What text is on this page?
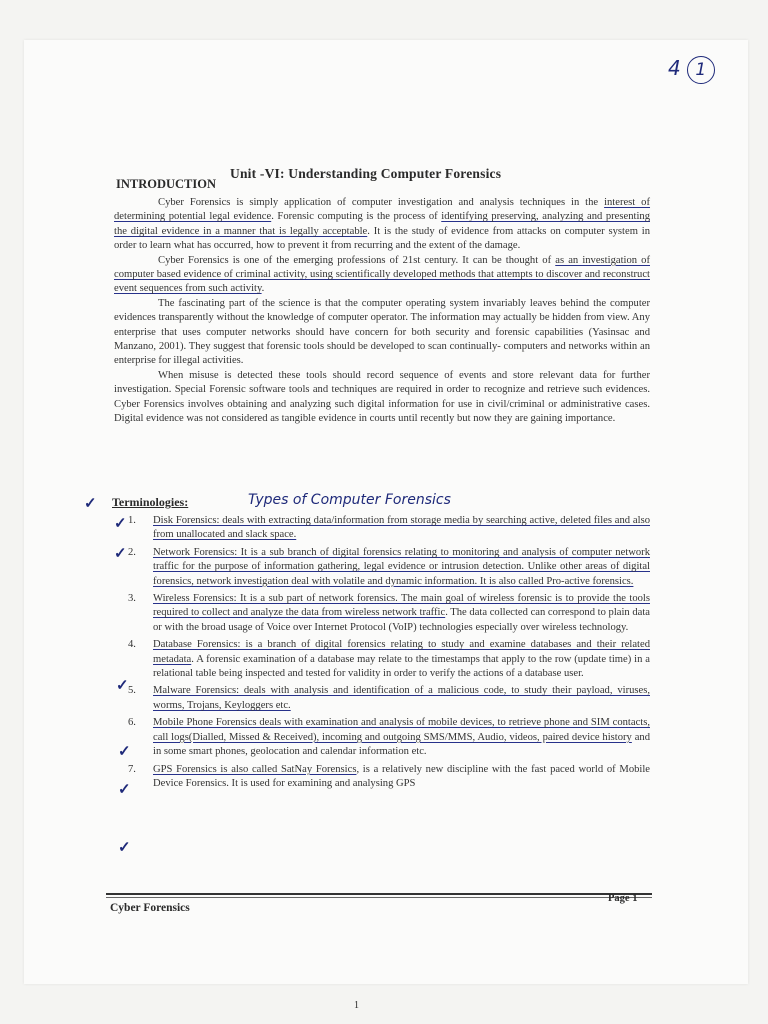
4 1
Unit -VI: Understanding Computer Forensics
INTRODUCTION

Cyber Forensics is simply application of computer investigation and analysis techniques in the interest of determining potential legal evidence. Forensic computing is the process of identifying preserving, analyzing and presenting the digital evidence in a manner that is legally acceptable. It is the study of evidence from attacks on computer system in order to learn what has occurred, how to prevent it from recurring and the extent of the damage.

Cyber Forensics is one of the emerging professions of 21st century. It can be thought of as an investigation of computer based evidence of criminal activity, using scientifically developed methods that attempts to discover and reconstruct event sequences from such activity.

The fascinating part of the science is that the computer operating system invariably leaves behind the computer evidences transparently without the knowledge of computer operator. The information may actually be hidden from view. Any enterprise that uses computer networks should have concern for both security and forensic capabilities (Yasinsac and Manzano, 2001). They suggest that forensic tools should be developed to scan continually- computers and networks within an enterprise for illegal activities.

When misuse is detected these tools should record sequence of events and store relevant data for further investigation. Special Forensic software tools and techniques are required in order to recognize and retrieve such evidences. Cyber Forensics involves obtaining and analyzing such digital information for use in civil/criminal or administrative cases. Digital evidence was not considered as tangible evidence in courts until recently but now they are gaining importance.

✓ Terminologies:	Types of Computer Forensics
✓
✓
✓
✓
✓
✓
1. Disk Forensics: deals with extracting data/information from storage media by searching active, deleted files and also from unallocated and slack space.
2. Network Forensics: It is a sub branch of digital forensics relating to monitoring and analysis of computer network traffic for the purpose of information gathering, legal evidence or intrusion detection. Unlike other areas of digital forensics, network investigation deal with volatile and dynamic information. It is also called Pro-active forensics.
3. Wireless Forensics: It is a sub part of network forensics. The main goal of wireless forensic is to provide the tools required to collect and analyze the data from wireless network traffic. The data collected can correspond to plain data or with the broad usage of Voice over Internet Protocol (VoIP) technologies especially over wireless technology.
4. Database Forensics: is a branch of digital forensics relating to study and examine databases and their related metadata. A forensic examination of a database may relate to the timestamps that apply to the row (update time) in a relational table being inspected and tested for validity in order to verify the actions of a database user.
5. Malware Forensics: deals with analysis and identification of a malicious code, to study their payload, viruses, worms, Trojans, Keyloggers etc.
6. Mobile Phone Forensics deals with examination and analysis of mobile devices, to retrieve phone and SIM contacts, call logs(Dialled, Missed & Received), incoming and outgoing SMS/MMS, Audio, videos, paired device history and in some smart phones, geolocation and calendar information etc.
7. GPS Forensics is also called SatNay Forensics, is a relatively new discipline with the fast paced world of Mobile Device Forensics. It is used for examining and analysing GPS
Cyber Forensics
Page 1
1
